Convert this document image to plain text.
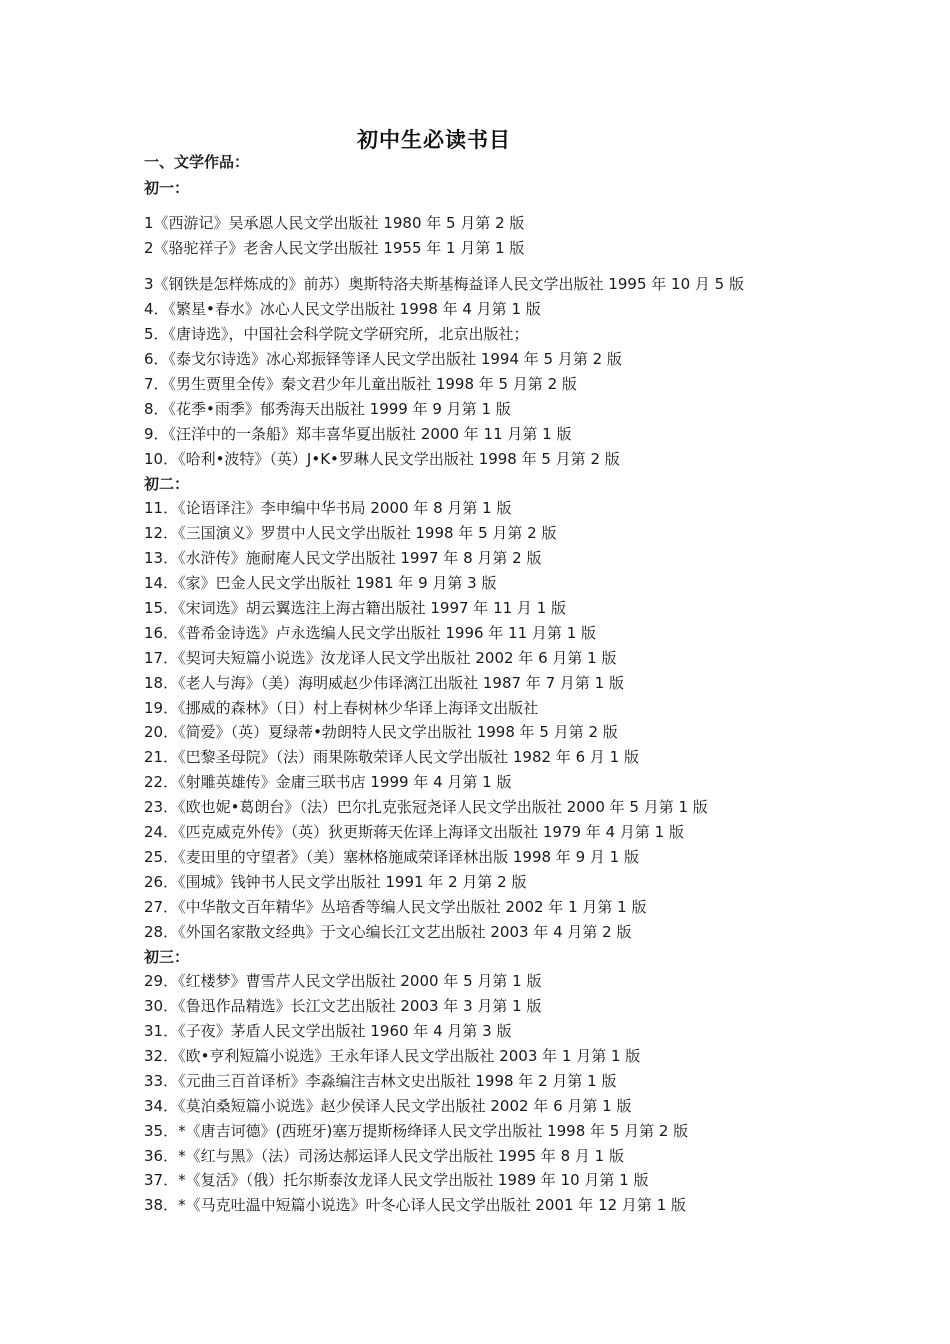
初中生必读书目
一、文学作品：
初一：
1《西游记》吴承恩人民文学出版社 1980 年 5 月第 2 版
2《骆驼祥子》老舍人民文学出版社 1955 年 1 月第 1 版
3《钢铁是怎样炼成的》前苏）奥斯特洛夫斯基梅益译人民文学出版社 1995 年 10 月 5 版
4．《繁星•春水》冰心人民文学出版社 1998 年 4 月第 1 版
5．《唐诗选》，中国社会科学院文学研究所，北京出版社；
6．《泰戈尔诗选》冰心郑振铎等译人民文学出版社 1994 年 5 月第 2 版
7．《男生贾里全传》秦文君少年儿童出版社 1998 年 5 月第 2 版
8．《花季•雨季》郁秀海天出版社 1999 年 9 月第 1 版
9．《汪洋中的一条船》郑丰喜华夏出版社 2000 年 11 月第 1 版
10．《哈利•波特》（英）J•K•罗琳人民文学出版社 1998 年 5 月第 2 版
初二：
11．《论语译注》李申编中华书局 2000 年 8 月第 1 版
12．《三国演义》罗贯中人民文学出版社 1998 年 5 月第 2 版
13．《水浒传》施耐庵人民文学出版社 1997 年 8 月第 2 版
14．《家》巴金人民文学出版社 1981 年 9 月第 3 版
15．《宋词选》胡云翼选注上海古籍出版社 1997 年 11 月 1 版
16．《普希金诗选》卢永选编人民文学出版社 1996 年 11 月第 1 版
17．《契诃夫短篇小说选》汝龙译人民文学出版社 2002 年 6 月第 1 版
18．《老人与海》（美）海明威赵少伟译漓江出版社 1987 年 7 月第 1 版
19．《挪威的森林》（日）村上春树林少华译上海译文出版社
20．《简爱》（英）夏绿蒂•勃朗特人民文学出版社 1998 年 5 月第 2 版
21．《巴黎圣母院》（法）雨果陈敬荣译人民文学出版社 1982 年 6 月 1 版
22．《射雕英雄传》金庸三联书店 1999 年 4 月第 1 版
23．《欧也妮•葛朗台》（法）巴尔扎克张冠尧译人民文学出版社 2000 年 5 月第 1 版
24．《匹克威克外传》（英）狄更斯蒋天佐译上海译文出版社 1979 年 4 月第 1 版
25．《麦田里的守望者》（美）塞林格施咸荣译译林出版 1998 年 9 月 1 版
26．《围城》钱钟书人民文学出版社 1991 年 2 月第 2 版
27．《中华散文百年精华》丛培香等编人民文学出版社 2002 年 1 月第 1 版
28．《外国名家散文经典》于文心编长江文艺出版社 2003 年 4 月第 2 版
初三：
29．《红楼梦》曹雪芹人民文学出版社 2000 年 5 月第 1 版
30．《鲁迅作品精选》长江文艺出版社 2003 年 3 月第 1 版
31．《子夜》茅盾人民文学出版社 1960 年 4 月第 3 版
32．《欧•亨利短篇小说选》王永年译人民文学出版社 2003 年 1 月第 1 版
33．《元曲三百首译析》李淼编注吉林文史出版社 1998 年 2 月第 1 版
34．《莫泊桑短篇小说选》赵少侯译人民文学出版社 2002 年 6 月第 1 版
35．*《唐吉诃德》(西班牙)塞万提斯杨绛译人民文学出版社 1998 年 5 月第 2 版
36．*《红与黑》（法）司汤达郝运译人民文学出版社 1995 年 8 月 1 版
37．*《复活》（俄）托尔斯泰汝龙译人民文学出版社 1989 年 10 月第 1 版
38．*《马克吐温中短篇小说选》叶冬心译人民文学出版社 2001 年 12 月第 1 版
